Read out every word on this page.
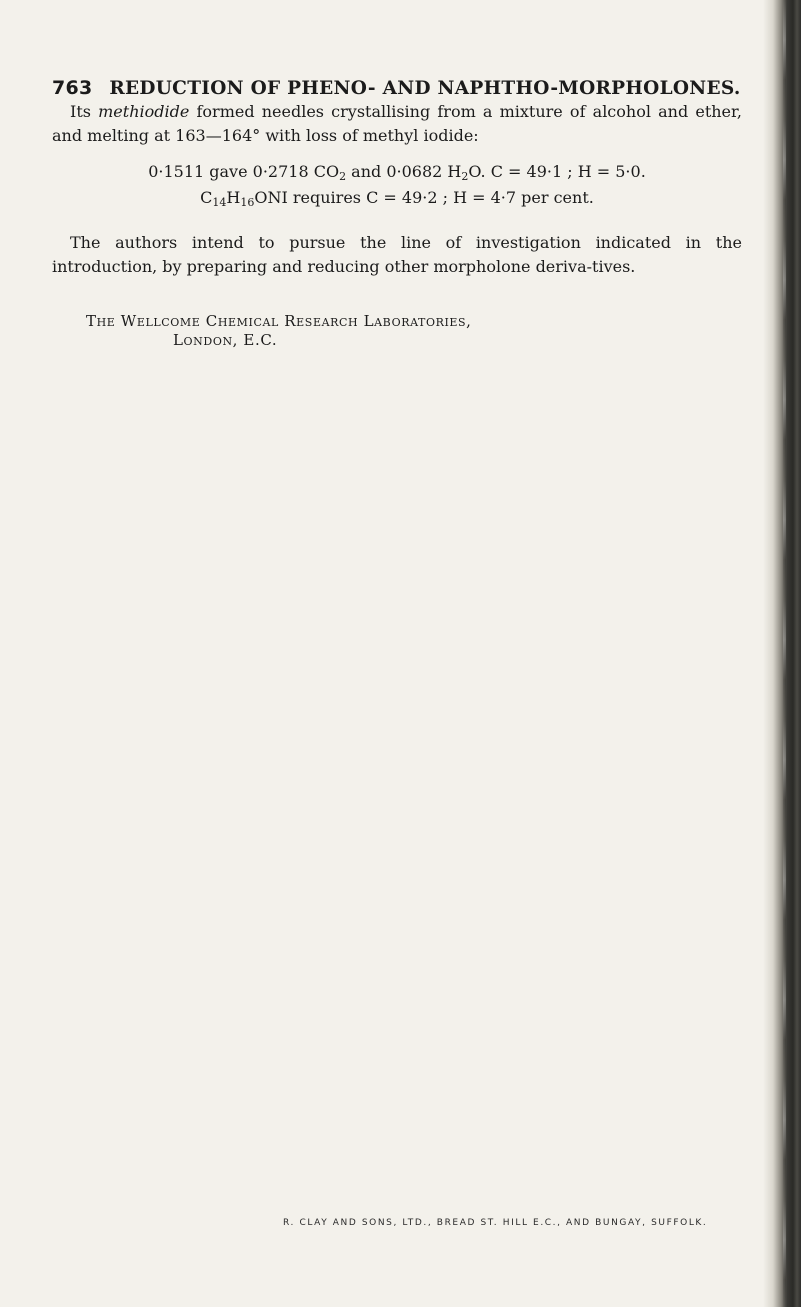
763 REDUCTION OF PHENO- AND NAPHTHO-MORPHOLONES.
Its methiodide formed needles crystallising from a mixture of alcohol and ether, and melting at 163—164° with loss of methyl iodide:
0·1511 gave 0·2718 $CO_2$ and 0·0682 $H_2O$. C = 49·1 ; H = 5·0.
$C_{14}H_{16}ONI$ requires C = 49·2 ; H = 4·7 per cent.
The authors intend to pursue the line of investigation indicated in the introduction, by preparing and reducing other morpholone deriva-tives.
The Wellcome Chemical Research Laboratories,
London, E.C.
R. CLAY AND SONS, LTD., BREAD ST. HILL E.C., AND BUNGAY, SUFFOLK.
